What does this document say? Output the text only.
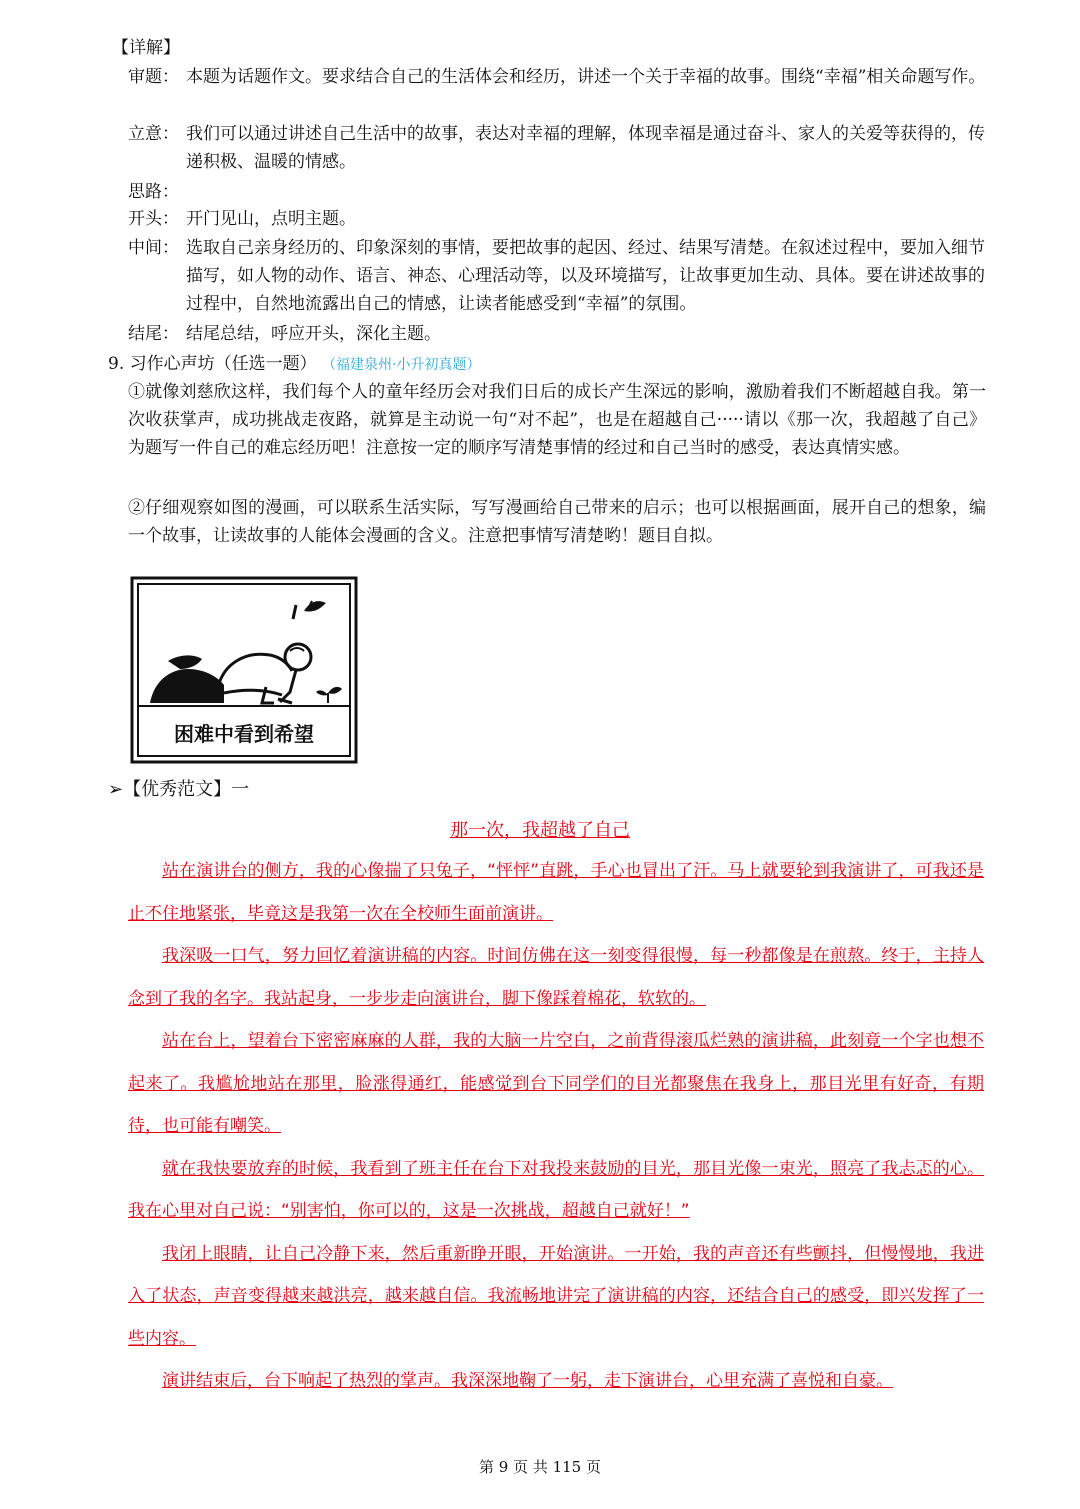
【详解】
审题： 本题为话题作文。要求结合自己的生活体会和经历，讲述一个关于幸福的故事。围绕“幸福”相关命题写作。
立意： 我们可以通过讲述自己生活中的故事，表达对幸福的理解，体现幸福是通过奋斗、家人的关爱等获得的，传递积极、温暖的情感。
思路：
开头： 开门见山，点明主题。
中间： 选取自己亲身经历的、印象深刻的事情，要把故事的起因、经过、结果写清楚。在叙述过程中，要加入细节描写，如人物的动作、语言、神态、心理活动等，以及环境描写，让故事更加生动、具体。要在讲述故事的过程中，自然地流露出自己的情感，让读者能感受到“幸福”的氛围。
结尾： 结尾总结，呼应开头，深化主题。
9. 习作心声坊（任选一题） （福建泉州·小升初真题）
①就像刘慈欣这样，我们每个人的童年经历会对我们日后的成长产生深远的影响，激励着我们不断超越自我。第一次收获掌声，成功挑战走夜路，就算是主动说一句“对不起”，也是在超越自己·····请以《那一次，我超越了自己》为题写一件自己的难忘经历吧！注意按一定的顺序写清楚事情的经过和自己当时的感受，表达真情实感。
②仔细观察如图的漫画，可以联系生活实际，写写漫画给自己带来的启示；也可以根据画面，展开自己的想象，编一个故事，让读故事的人能体会漫画的含义。注意把事情写清楚哟！题目自拟。
困难中看到希望
➢【优秀范文】一
那一次，我超越了自己

站在演讲台的侧方，我的心像揣了只兔子，“怦怦”直跳，手心也冒出了汗。马上就要轮到我演讲了，可我还是止不住地紧张，毕竟这是我第一次在全校师生面前演讲。

我深吸一口气，努力回忆着演讲稿的内容。时间仿佛在这一刻变得很慢，每一秒都像是在煎熬。终于，主持人念到了我的名字。我站起身，一步步走向演讲台，脚下像踩着棉花，软软的。

站在台上，望着台下密密麻麻的人群，我的大脑一片空白，之前背得滚瓜烂熟的演讲稿，此刻竟一个字也想不起来了。我尴尬地站在那里，脸涨得通红，能感觉到台下同学们的目光都聚焦在我身上，那目光里有好奇，有期待，也可能有嘲笑。

就在我快要放弃的时候，我看到了班主任在台下对我投来鼓励的目光，那目光像一束光，照亮了我忐忑的心。我在心里对自己说：“别害怕，你可以的，这是一次挑战，超越自己就好！”

我闭上眼睛，让自己冷静下来，然后重新睁开眼，开始演讲。一开始，我的声音还有些颤抖，但慢慢地，我进入了状态，声音变得越来越洪亮，越来越自信。我流畅地讲完了演讲稿的内容，还结合自己的感受，即兴发挥了一些内容。

演讲结束后，台下响起了热烈的掌声。我深深地鞠了一躬，走下演讲台，心里充满了喜悦和自豪。

第 9 页 共 115 页
